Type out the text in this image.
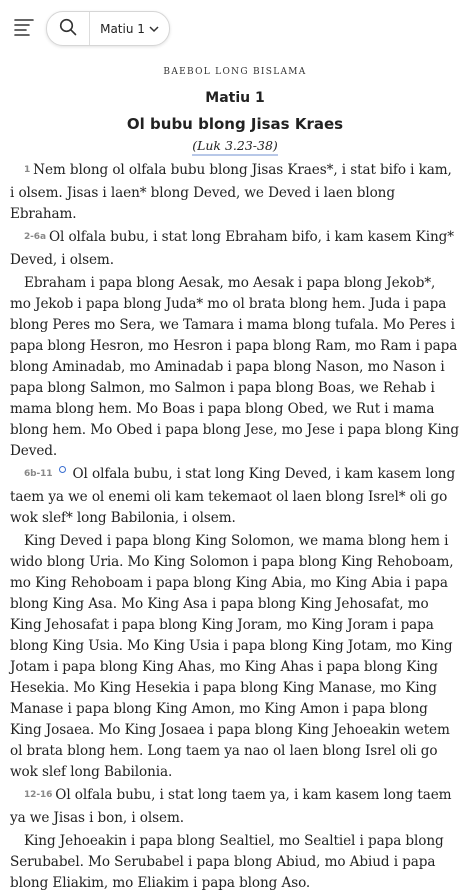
Matiu 1
BAEBOL LONG BISLAMA
Matiu 1
Ol bubu blong Jisas Kraes
(Luk 3.23-38)

1 Nem blong ol olfala bubu blong Jisas Kraes*, i stat bifo i kam, i olsem. Jisas i laen* blong Deved, we Deved i laen blong Ebraham.

2-6a Ol olfala bubu, i stat long Ebraham bifo, i kam kasem King* Deved, i olsem.

Ebraham i papa blong Aesak, mo Aesak i papa blong Jekob*, mo Jekob i papa blong Juda* mo ol brata blong hem. Juda i papa blong Peres mo Sera, we Tamara i mama blong tufala. Mo Peres i papa blong Hesron, mo Hesron i papa blong Ram, mo Ram i papa blong Aminadab, mo Aminadab i papa blong Nason, mo Nason i papa blong Salmon, mo Salmon i papa blong Boas, we Rehab i mama blong hem. Mo Boas i papa blong Obed, we Rut i mama blong hem. Mo Obed i papa blong Jese, mo Jese i papa blong King Deved.

6b-11 Ol olfala bubu, i stat long King Deved, i kam kasem long taem ya we ol enemi oli kam tekemaot ol laen blong Isrel* oli go wok slef* long Babilonia, i olsem.

King Deved i papa blong King Solomon, we mama blong hem i wido blong Uria. Mo King Solomon i papa blong King Rehoboam, mo King Rehoboam i papa blong King Abia, mo King Abia i papa blong King Asa. Mo King Asa i papa blong King Jehosafat, mo King Jehosafat i papa blong King Joram, mo King Joram i papa blong King Usia. Mo King Usia i papa blong King Jotam, mo King Jotam i papa blong King Ahas, mo King Ahas i papa blong King Hesekia. Mo King Hesekia i papa blong King Manase, mo King Manase i papa blong King Amon, mo King Amon i papa blong King Josaea. Mo King Josaea i papa blong King Jehoeakin wetem ol brata blong hem. Long taem ya nao ol laen blong Isrel oli go wok slef long Babilonia.

12-16 Ol olfala bubu, i stat long taem ya, i kam kasem long taem ya we Jisas i bon, i olsem.

King Jehoeakin i papa blong Sealtiel, mo Sealtiel i papa blong Serubabel. Mo Serubabel i papa blong Abiud, mo Abiud i papa blong Eliakim, mo Eliakim i papa blong Aso.
